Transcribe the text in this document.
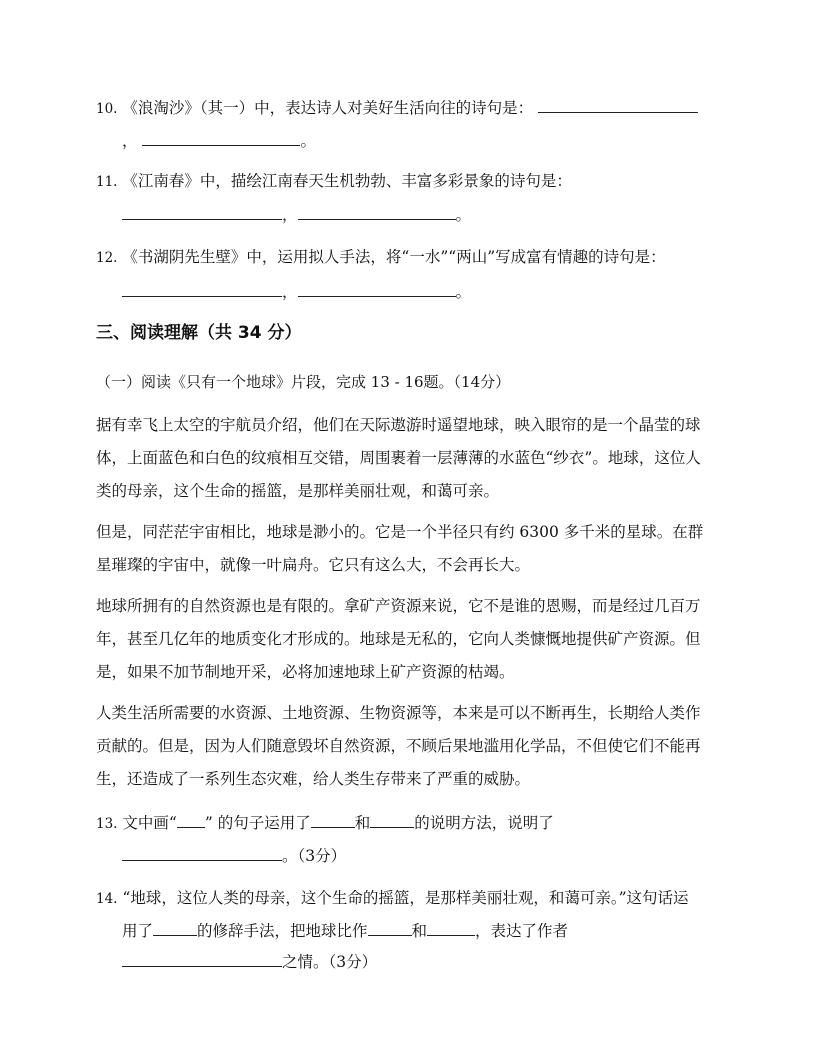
10. 《浪淘沙》（其一）中，表达诗人对美好生活向往的诗句是：
，	。
11. 《江南春》中，描绘江南春天生机勃勃、丰富多彩景象的诗句是：
，	。
12. 《书湖阴先生壁》中，运用拟人手法，将“一水”“两山”写成富有情趣的诗句是：
，	。
三、阅读理解（共 34 分）
（一）阅读《只有一个地球》片段，完成 13 - 16题。（14分）
据有幸飞上太空的宇航员介绍，他们在天际遨游时遥望地球，映入眼帘的是一个晶莹的球
体，上面蓝色和白色的纹痕相互交错，周围裹着一层薄薄的水蓝色“纱衣”。地球，这位人
类的母亲，这个生命的摇篮，是那样美丽壮观，和蔼可亲。
但是，同茫茫宇宙相比，地球是渺小的。它是一个半径只有约 6300 多千米的星球。在群
星璀璨的宇宙中，就像一叶扁舟。它只有这么大，不会再长大。
地球所拥有的自然资源也是有限的。拿矿产资源来说，它不是谁的恩赐，而是经过几百万
年，甚至几亿年的地质变化才形成的。地球是无私的，它向人类慷慨地提供矿产资源。但
是，如果不加节制地开采，必将加速地球上矿产资源的枯竭。
人类生活所需要的水资源、土地资源、生物资源等，本来是可以不断再生，长期给人类作
贡献的。但是，因为人们随意毁坏自然资源，不顾后果地滥用化学品，不但使它们不能再
生，还造成了一系列生态灾难，给人类生存带来了严重的威胁。
13. 文中画“ ” 的句子运用了	和	的说明方法，说明了
。（3分）
14. “地球，这位人类的母亲，这个生命的摇篮，是那样美丽壮观，和蔼可亲。”这句话运
用了	的修辞手法，把地球比作	和	，表达了作者
之情。（3分）
